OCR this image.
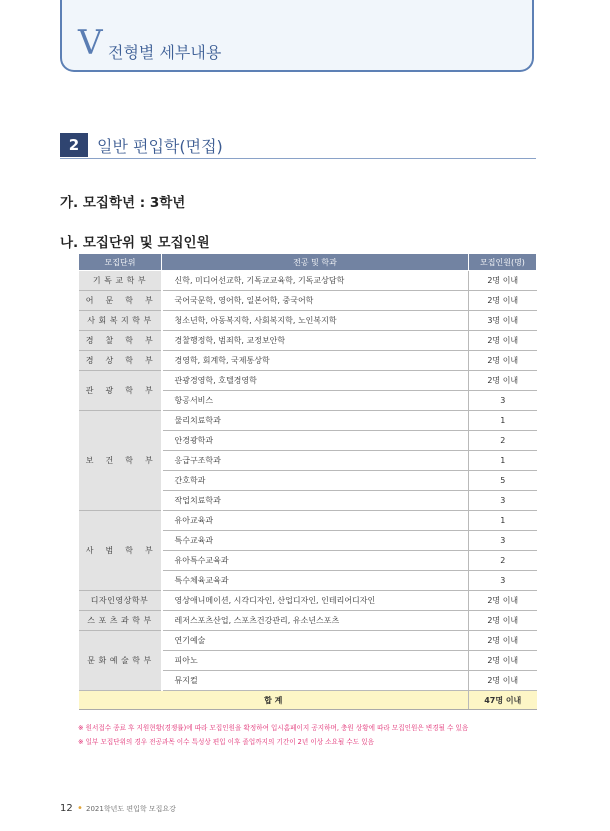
V 전형별 세부내용
2	일반 편입학(면접)
가. 모집학년 : 3학년
나. 모집단위 및 모집인원
모집단위	전공 및 학과	모집인원(명)
기 독 교 학 부	신학, 미디어선교학, 기독교교육학, 기독교상담학	2명 이내
어　 문　 학　 부	국어국문학, 영어학, 일본어학, 중국어학	2명 이내
사 회 복 지 학 부	청소년학, 아동복지학, 사회복지학, 노인복지학	3명 이내
경　 찰　 학　 부	경찰행정학, 범죄학, 교정보안학	2명 이내
경　 상　 학　 부	경영학, 회계학, 국제통상학	2명 이내
관　 광　 학　 부	관광경영학, 호텔경영학	2명 이내
	항공서비스	3
보　 건　 학　 부	물리치료학과	1
	안경광학과	2
	응급구조학과	1
	간호학과	5
	작업치료학과	3
사　 범　 학　 부	유아교육과	1
	특수교육과	3
	유아특수교육과	2
	특수체육교육과	3
디자인영상학부	영상애니메이션, 시각디자인, 산업디자인, 인테리어디자인	2명 이내
스 포 츠 과 학 부	레저스포츠산업, 스포츠건강관리, 유소년스포츠	2명 이내
문 화 예 술 학 부	연기예술	2명 이내
	피아노	2명 이내
	뮤지컬	2명 이내
합 계		47명 이내
※ 원서접수 종료 후 지원현황(경쟁률)에 따라 모집인원을 확정하여 입시홈페이지 공지하며, 충원 상황에 따라 모집인원은 변경될 수 있음
※ 일부 모집단위의 경우 전공과목 이수 특성상 편입 이후 졸업까지의 기간이 2년 이상 소요될 수도 있음
12 • 2021학년도 편입학 모집요강
